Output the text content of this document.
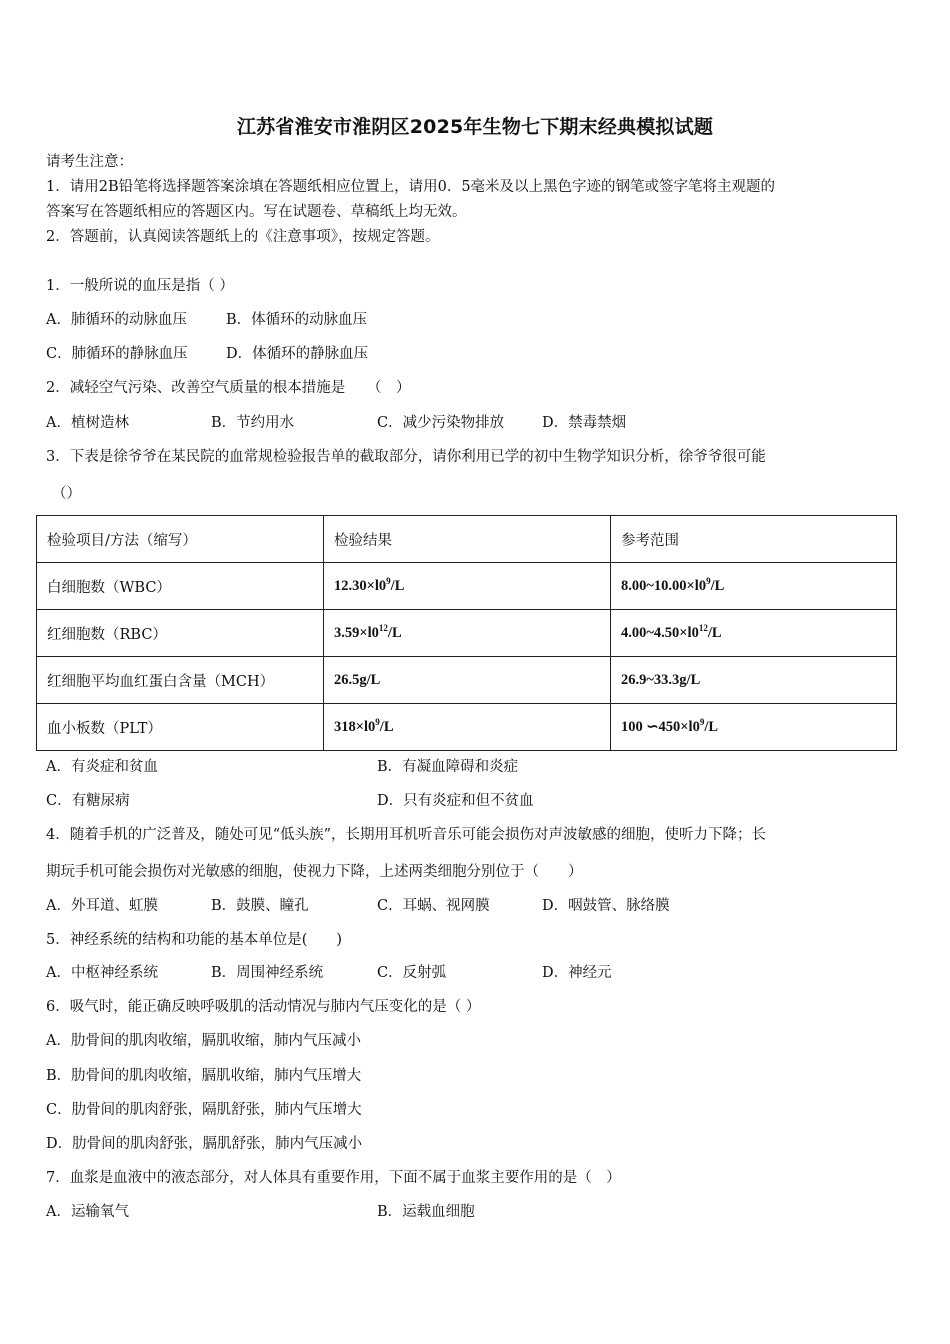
江苏省淮安市淮阴区2025年生物七下期末经典模拟试题
请考生注意：
1．请用2B铅笔将选择题答案涂填在答题纸相应位置上，请用0．5毫米及以上黑色字迹的钢笔或签字笔将主观题的
答案写在答题纸相应的答题区内。写在试题卷、草稿纸上均无效。
2．答题前，认真阅读答题纸上的《注意事项》，按规定答题。
1．一般所说的血压是指（ ）
A．肺循环的动脉血压	B．体循环的动脉血压
C．肺循环的静脉血压	D．体循环的静脉血压
2．减轻空气污染、改善空气质量的根本措施是　　（　）
A．植树造林	B．节约用水	C．减少污染物排放	D．禁毒禁烟
3．下表是徐爷爷在某民院的血常规检验报告单的截取部分，请你利用已学的初中生物学知识分析，徐爷爷很可能
（）
检验项目/方法（缩写）	检验结果	参考范围
白细胞数（WBC）	$12.30\times l0^9/L$	$8.00\sim 10.00\times l0^9/L$
红细胞数（RBC）	$3.59\times l0^{12}/L$	$4.00\sim 4.50\times l0^{12}/L$
红细胞平均血红蛋白含量（MCH）	26.5g/L	26.9~33.3g/L
血小板数（PLT）	$318\times l0^9/L$	100 $∽450\times l0^9/L$
A．有炎症和贫血	B．有凝血障碍和炎症
C．有糖尿病	D．只有炎症和但不贫血
4．随着手机的广泛普及，随处可见“低头族”，长期用耳机听音乐可能会损伤对声波敏感的细胞，使听力下降；长
期玩手机可能会损伤对光敏感的细胞，使视力下降，上述两类细胞分别位于（　　）
A．外耳道、虹膜	B．鼓膜、瞳孔	C．耳蜗、视网膜	D．咽鼓管、脉络膜
5．神经系统的结构和功能的基本单位是(　　)
A．中枢神经系统	B．周围神经系统	C．反射弧	D．神经元
6．吸气时，能正确反映呼吸肌的活动情况与肺内气压变化的是（ ）
A．肋骨间的肌肉收缩，膈肌收缩，肺内气压减小
B．肋骨间的肌肉收缩，膈肌收缩，肺内气压增大
C．肋骨间的肌肉舒张，隔肌舒张，肺内气压增大
D．肋骨间的肌肉舒张，膈肌舒张，肺内气压减小
7．血浆是血液中的液态部分，对人体具有重要作用，下面不属于血浆主要作用的是（　）
A．运输氧气	B．运载血细胞
